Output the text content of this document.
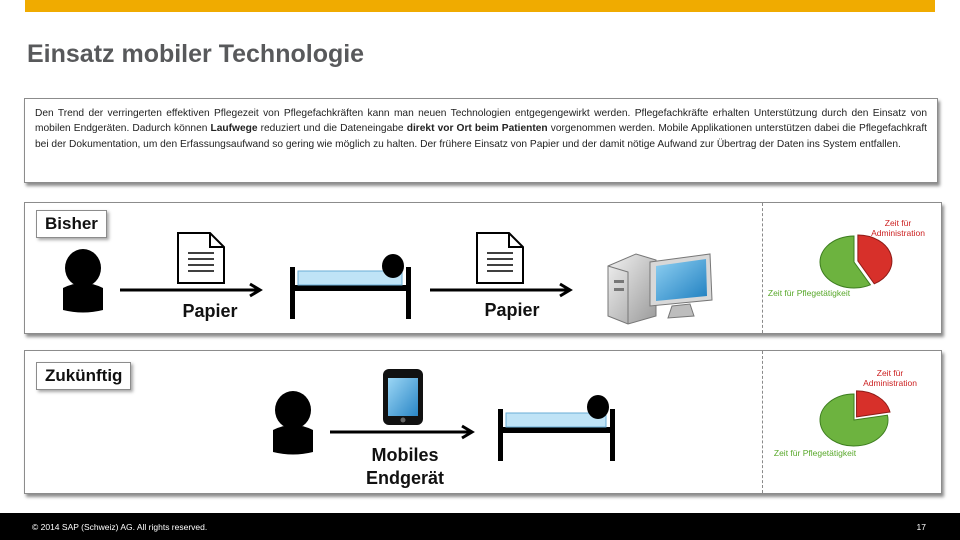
Einsatz mobiler Technologie

Den Trend der verringerten effektiven Pflegezeit von Pflegefachkräften kann man neuen Technologien entgegengewirkt werden. Pflegefachkräfte erhalten Unterstützung durch den Einsatz von mobilen Endgeräten. Dadurch können Laufwege reduziert und die Dateneingabe direkt vor Ort beim Patienten vorgenommen werden. Mobile Applikationen unterstützen dabei die Pflegefachkraft bei der Dokumentation, um den Erfassungsaufwand so gering wie möglich zu halten. Der frühere Einsatz von Papier und der damit nötige Aufwand zur Übertrag der Daten ins System entfallen.

Bisher
Papier	Papier
Zeit für Administration
Zeit für Pflegetätigkeit
Zukünftig
Mobiles
Endgerät
Zeit für Administration
Zeit für Pflegetätigkeit
© 2014 SAP (Schweiz) AG. All rights reserved.	17
